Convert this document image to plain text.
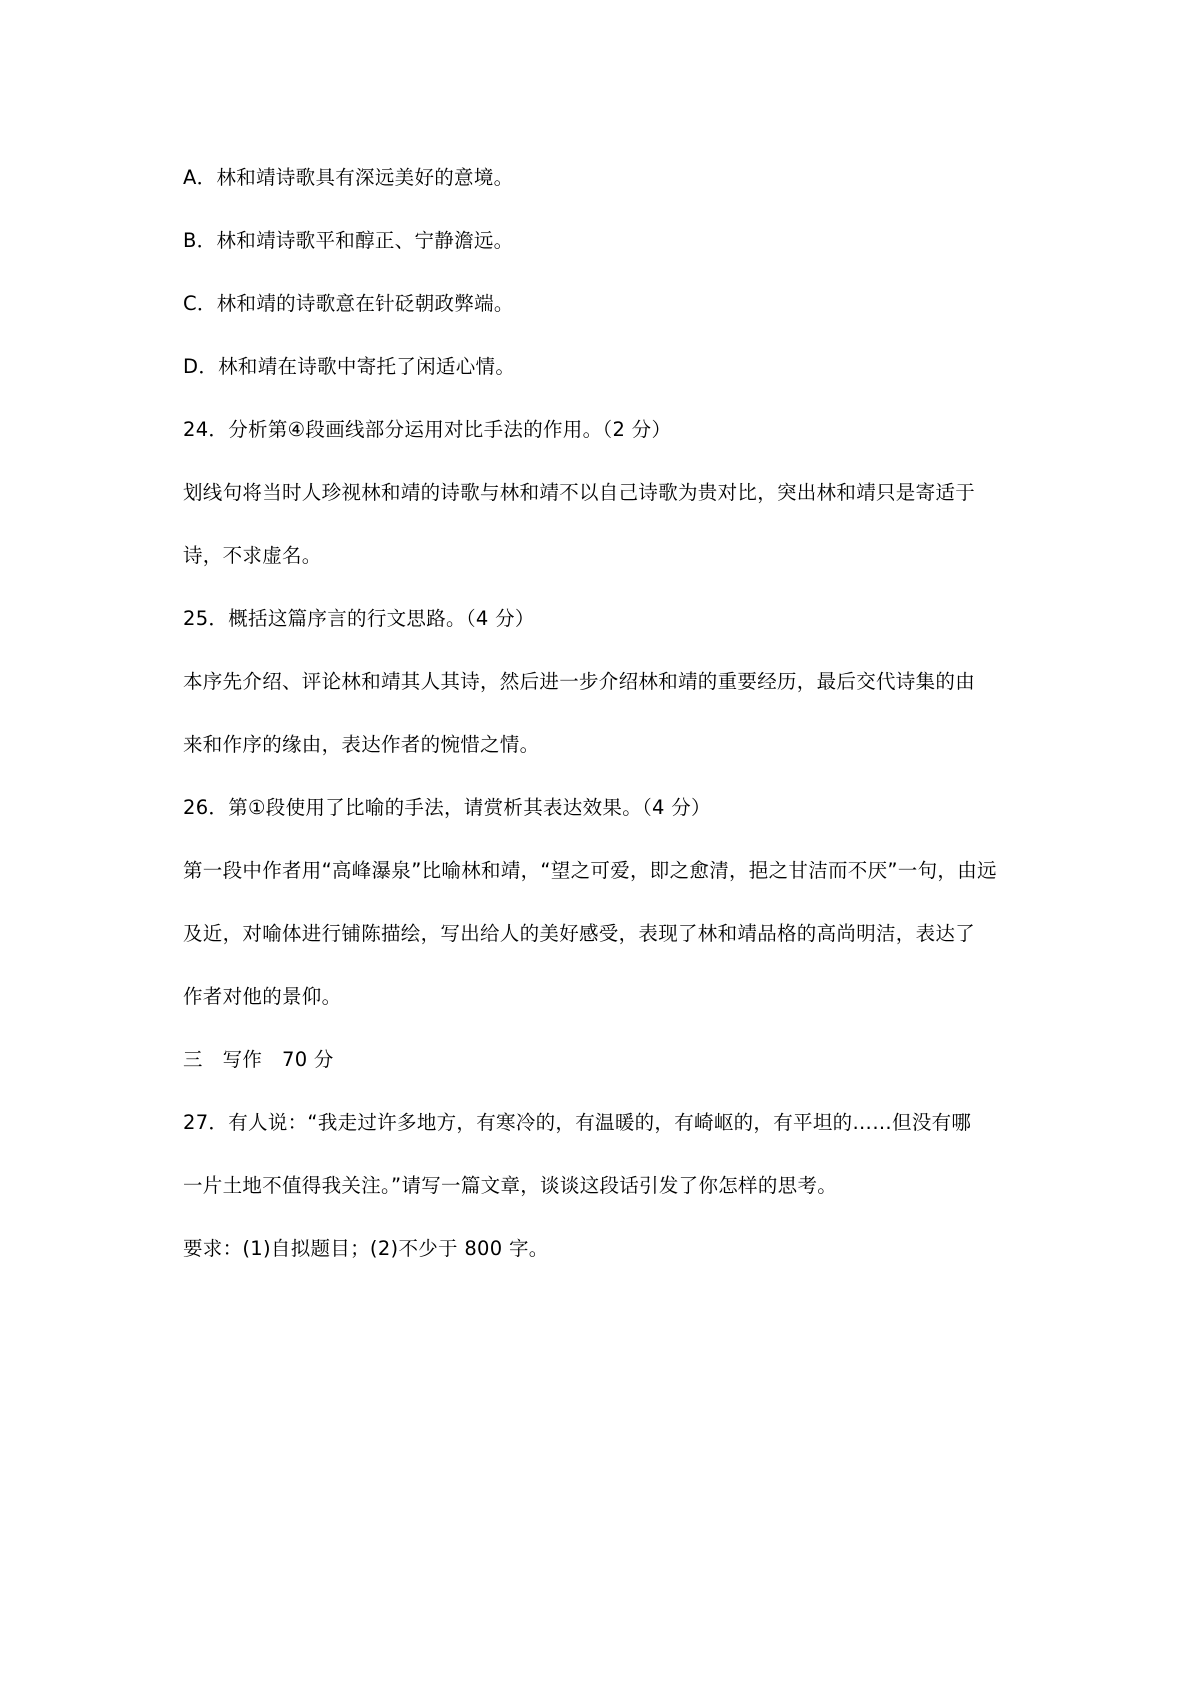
A．林和靖诗歌具有深远美好的意境。
B．林和靖诗歌平和醇正、宁静澹远。
C．林和靖的诗歌意在针砭朝政弊端。
D．林和靖在诗歌中寄托了闲适心情。
24．分析第④段画线部分运用对比手法的作用。（2 分）
划线句将当时人珍视林和靖的诗歌与林和靖不以自己诗歌为贵对比，突出林和靖只是寄适于
诗，不求虚名。
25．概括这篇序言的行文思路。（4 分）
本序先介绍、评论林和靖其人其诗，然后进一步介绍林和靖的重要经历，最后交代诗集的由
来和作序的缘由，表达作者的惋惜之情。
26．第①段使用了比喻的手法，请赏析其表达效果。（4 分）
第一段中作者用“高峰瀑泉”比喻林和靖，“望之可爱，即之愈清，挹之甘洁而不厌”一句，由远
及近，对喻体进行铺陈描绘，写出给人的美好感受，表现了林和靖品格的高尚明洁，表达了
作者对他的景仰。
三　写作　70 分
27．有人说：“我走过许多地方，有寒冷的，有温暖的，有崎岖的，有平坦的……但没有哪
一片土地不值得我关注。”请写一篇文章，谈谈这段话引发了你怎样的思考。
要求：(1)自拟题目；(2)不少于 800 字。
